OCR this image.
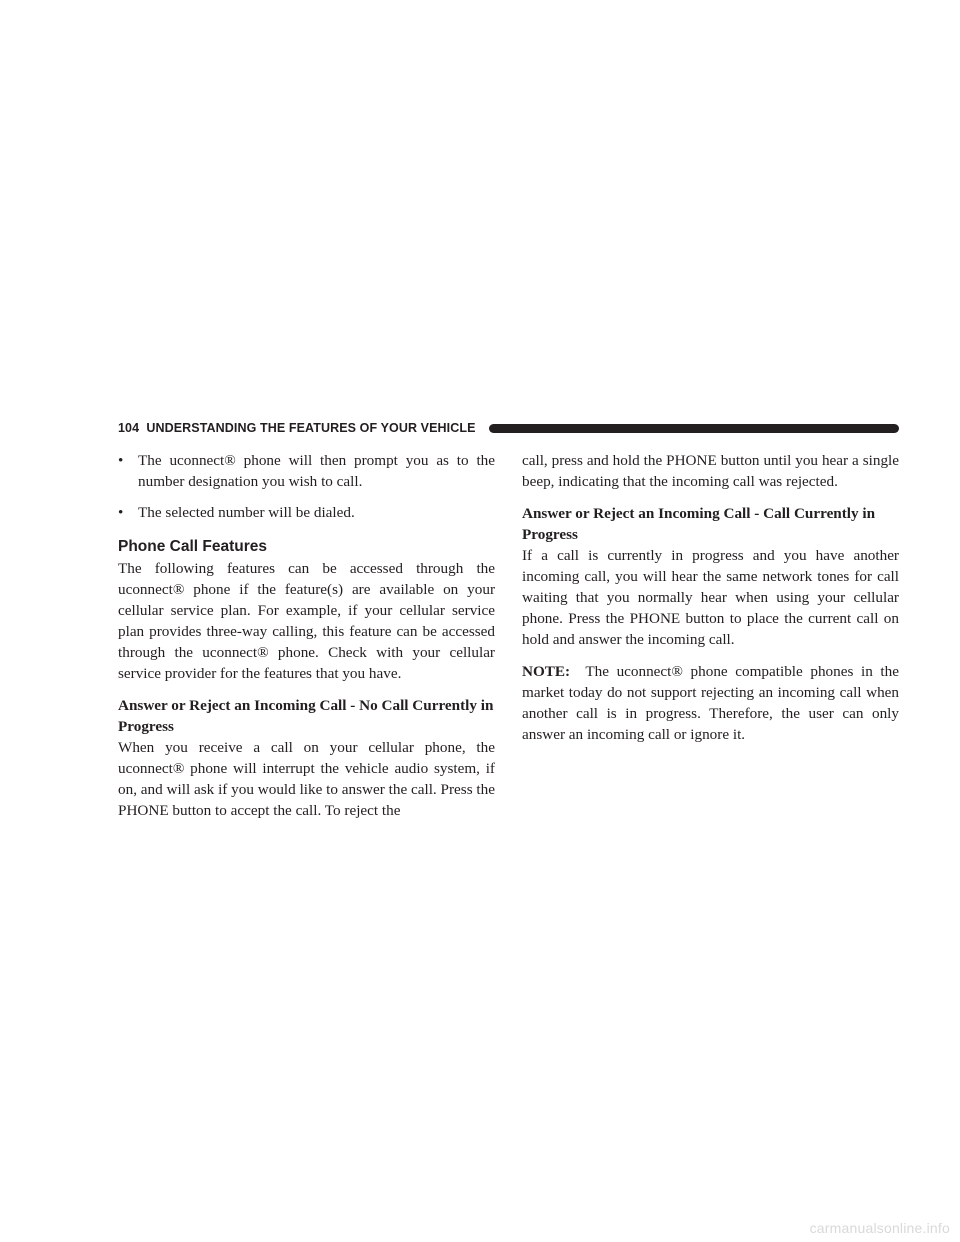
104 UNDERSTANDING THE FEATURES OF YOUR VEHICLE
• The uconnect® phone will then prompt you as to the number designation you wish to call.
• The selected number will be dialed.
Phone Call Features

The following features can be accessed through the uconnect® phone if the feature(s) are available on your cellular service plan. For example, if your cellular service plan provides three-way calling, this feature can be accessed through the uconnect® phone. Check with your cellular service provider for the features that you have.

Answer or Reject an Incoming Call - No Call Currently in Progress

When you receive a call on your cellular phone, the uconnect® phone will interrupt the vehicle audio system, if on, and will ask if you would like to answer the call. Press the PHONE button to accept the call. To reject the

call, press and hold the PHONE button until you hear a single beep, indicating that the incoming call was rejected.

Answer or Reject an Incoming Call - Call Currently in Progress

If a call is currently in progress and you have another incoming call, you will hear the same network tones for call waiting that you normally hear when using your cellular phone. Press the PHONE button to place the current call on hold and answer the incoming call.

NOTE: The uconnect® phone compatible phones in the market today do not support rejecting an incoming call when another call is in progress. Therefore, the user can only answer an incoming call or ignore it.

carmanualsonline.info
